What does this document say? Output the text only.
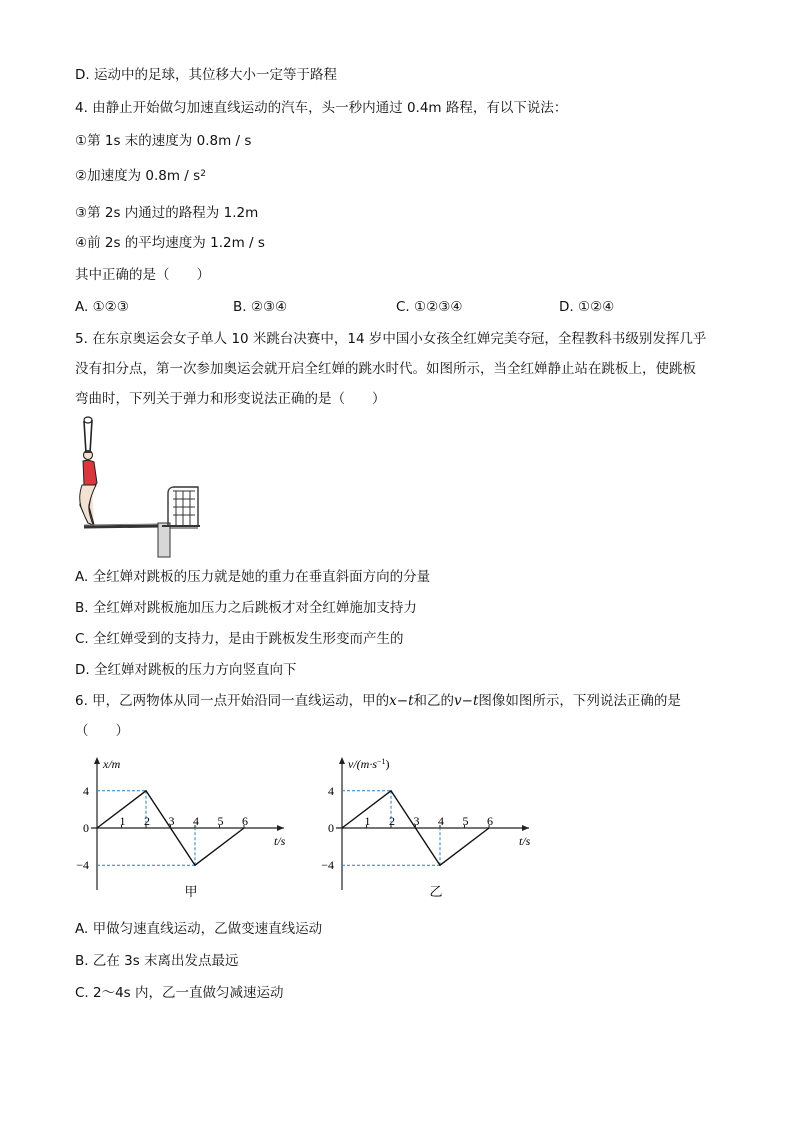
D. 运动中的足球，其位移大小一定等于路程
4. 由静止开始做匀加速直线运动的汽车，头一秒内通过 0.4m 路程，有以下说法：
①第 1s 末的速度为 0.8m / s
②加速度为 $0.8m / s^2$
③第 2s 内通过的路程为 1.2m
④前 2s 的平均速度为 1.2m / s
其中正确的是（　　）
A. ①②③	B. ②③④	C. ①②③④	D. ①②④
5. 在东京奥运会女子单人 10 米跳台决赛中，14 岁中国小女孩全红婵完美夺冠，全程教科书级别发挥几乎
没有扣分点，第一次参加奥运会就开启全红婵的跳水时代。如图所示，当全红婵静止站在跳板上，使跳板
弯曲时，下列关于弹力和形变说法正确的是（　　）
A. 全红婵对跳板的压力就是她的重力在垂直斜面方向的分量
B. 全红婵对跳板施加压力之后跳板才对全红婵施加支持力
C. 全红婵受到的支持力，是由于跳板发生形变而产生的
D. 全红婵对跳板的压力方向竖直向下
6. 甲，乙两物体从同一点开始沿同一直线运动，甲的x−t和乙的v−t图像如图所示，下列说法正确的是
（　　）
1 2 3 4 5 6
4
0
−4
x/m
t/s
甲
1 2 3 4 5 6
4
0
−4
$v/(m\cdot s^{-1})$
t/s
乙
A. 甲做匀速直线运动，乙做变速直线运动
B. 乙在 3s 末离出发点最远
C. 2～4s 内，乙一直做匀减速运动
